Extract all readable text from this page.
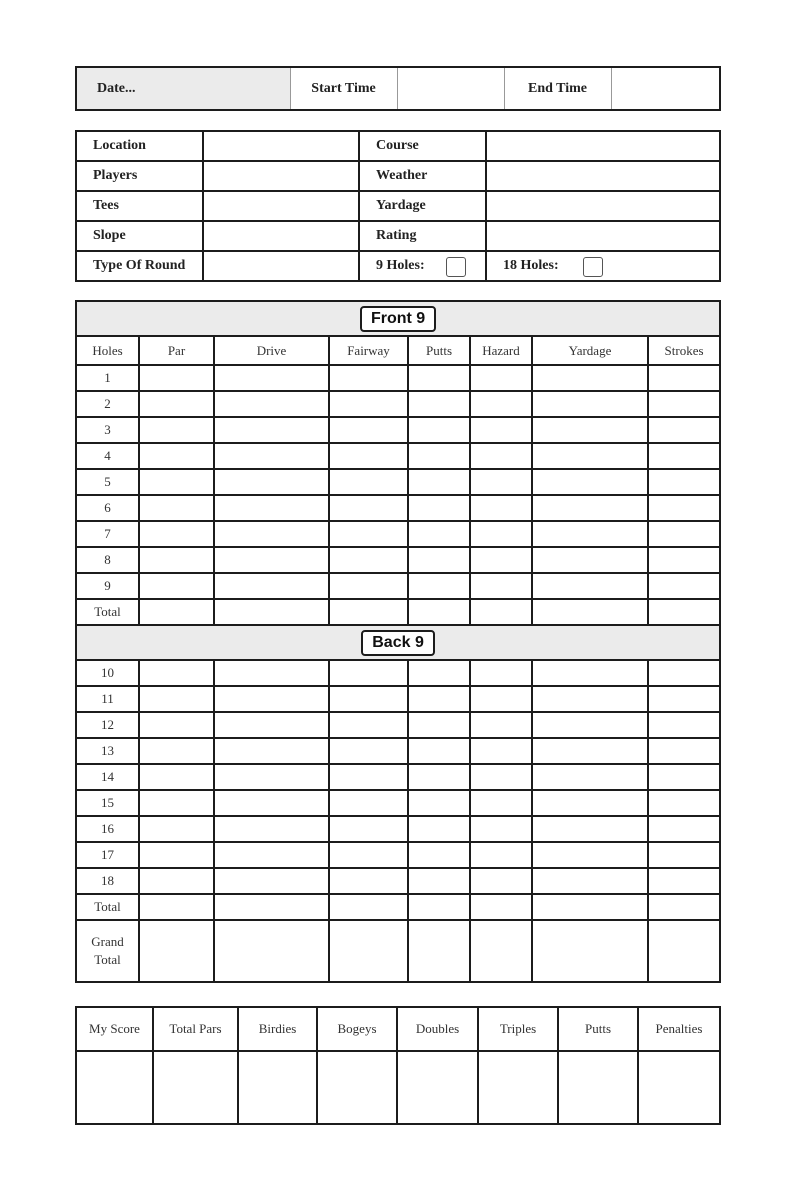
Date...	Start Time		End Time	
Location		Course	
Players		Weather	
Tees		Yardage	
Slope		Rating	
Type Of Round		9 Holes:	18 Holes:
Front 9							
Holes	Par	Drive	Fairway	Putts	Hazard	Yardage	Strokes
1							
2							
3							
4							
5							
6							
7							
8							
9							
Total							
Back 9							
10							
11							
12							
13							
14							
15							
16							
17							
18							
Total							
Grand
Total							
My Score	Total Pars	Birdies	Bogeys	Doubles	Triples	Putts	Penalties
